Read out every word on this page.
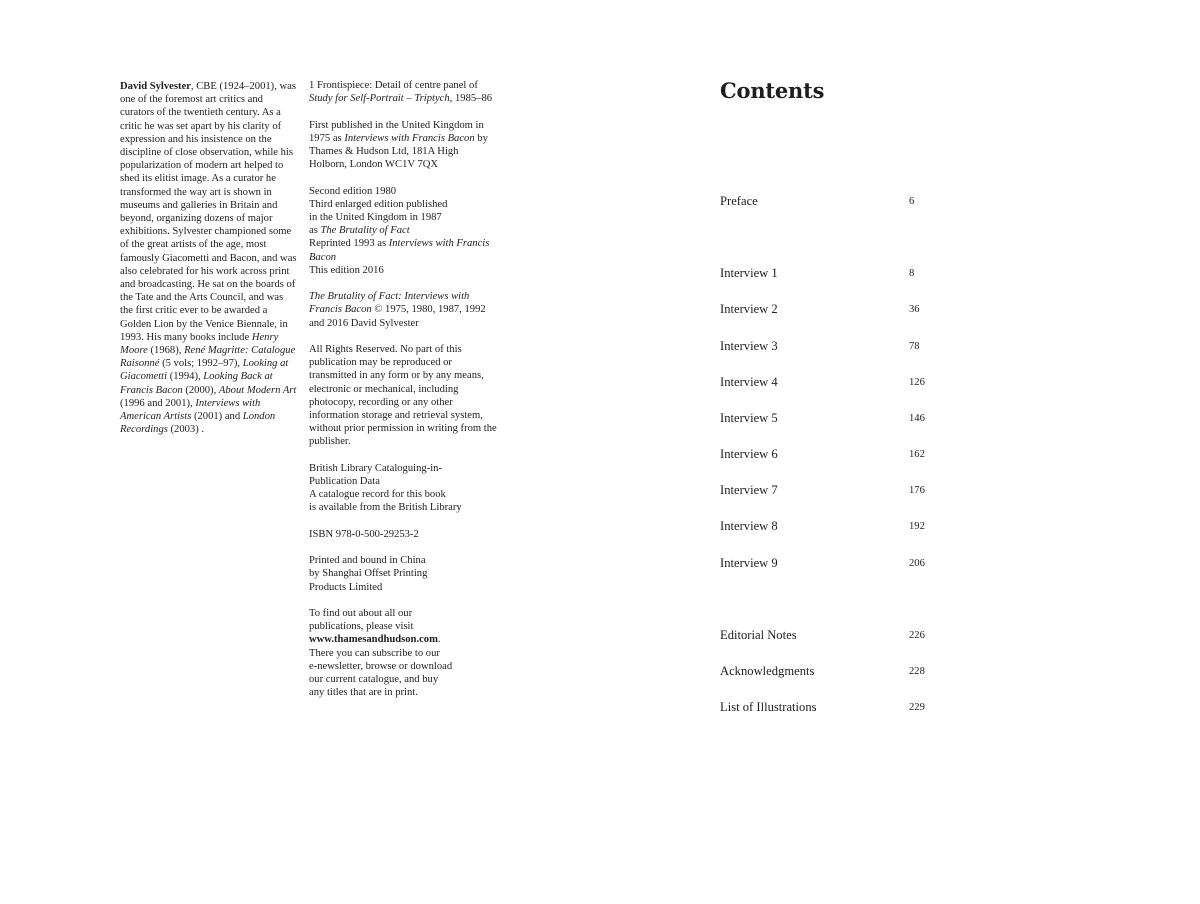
David Sylvester, CBE (1924–2001), was one of the foremost art critics and curators of the twentieth century. As a critic he was set apart by his clarity of expression and his insistence on the discipline of close observation, while his popularization of modern art helped to shed its elitist image. As a curator he transformed the way art is shown in museums and galleries in Britain and beyond, organizing dozens of major exhibitions. Sylvester championed some of the great artists of the age, most famously Giacometti and Bacon, and was also celebrated for his work across print and broadcasting. He sat on the boards of the Tate and the Arts Council, and was the first critic ever to be awarded a Golden Lion by the Venice Biennale, in 1993. His many books include Henry Moore (1968), René Magritte: Catalogue Raisonné (5 vols; 1992–97), Looking at Giacometti (1994), Looking Back at Francis Bacon (2000), About Modern Art (1996 and 2001), Interviews with American Artists (2001) and London Recordings (2003) .

1 Frontispiece: Detail of centre panel of Study for Self-Portrait – Triptych, 1985–86

First published in the United Kingdom in 1975 as Interviews with Francis Bacon by Thames & Hudson Ltd, 181A High Holborn, London WC1V 7QX

Second edition 1980
Third enlarged edition published
in the United Kingdom in 1987
as The Brutality of Fact
Reprinted 1993 as Interviews with Francis Bacon
This edition 2016

The Brutality of Fact: Interviews with Francis Bacon © 1975, 1980, 1987, 1992 and 2016 David Sylvester

All Rights Reserved. No part of this publication may be reproduced or transmitted in any form or by any means, electronic or mechanical, including photocopy, recording or any other information storage and retrieval system, without prior permission in writing from the publisher.

British Library Cataloguing-in-
Publication Data
A catalogue record for this book
is available from the British Library

ISBN 978-0-500-29253-2

Printed and bound in China
by Shanghai Offset Printing
Products Limited

To find out about all our
publications, please visit
www.thamesandhudson.com.
There you can subscribe to our
e-newsletter, browse or download
our current catalogue, and buy
any titles that are in print.

Contents
Preface	6
Interview 1	8
Interview 2	36
Interview 3	78
Interview 4	126
Interview 5	146
Interview 6	162
Interview 7	176
Interview 8	192
Interview 9	206
Editorial Notes	226
Acknowledgments	228
List of Illustrations	229
